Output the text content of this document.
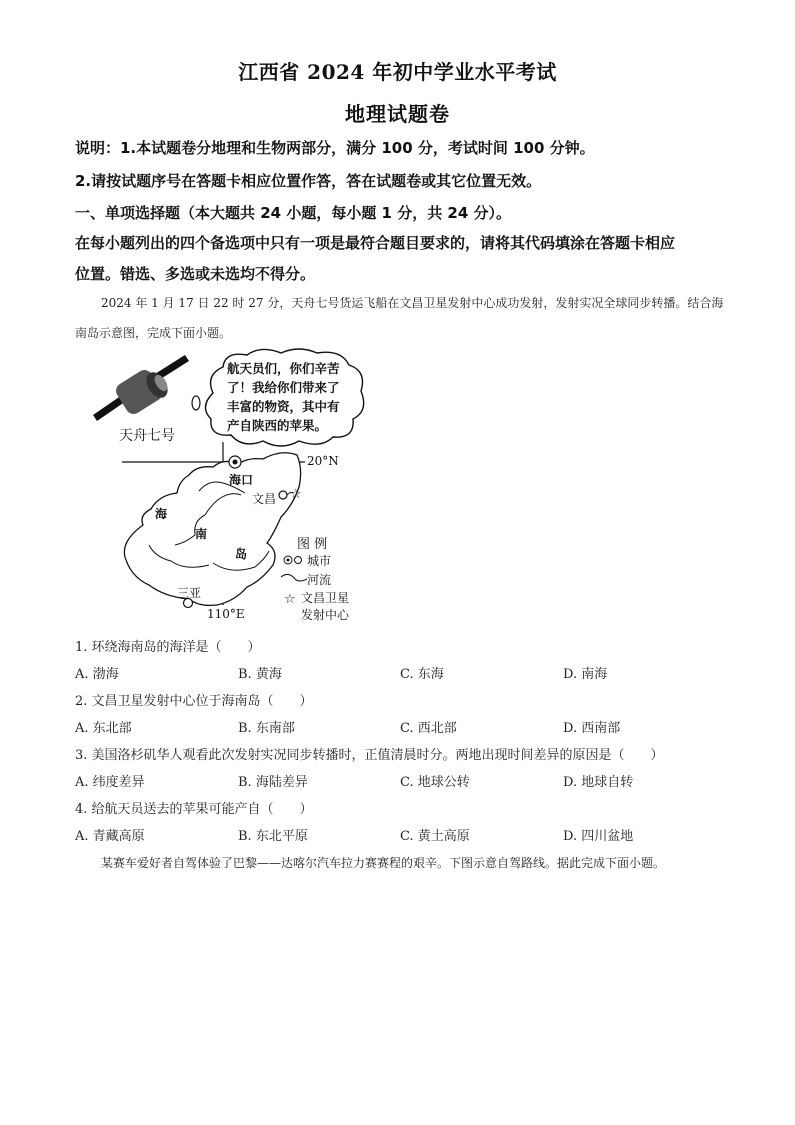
江西省 2024 年初中学业水平考试
地理试题卷
说明：1.本试题卷分地理和生物两部分，满分 100 分，考试时间 100 分钟。
2.请按试题序号在答题卡相应位置作答，答在试题卷或其它位置无效。
一、单项选择题（本大题共 24 小题，每小题 1 分，共 24 分）。
在每小题列出的四个备选项中只有一项是最符合题目要求的，请将其代码填涂在答题卡相应
位置。错选、多选或未选均不得分。
2024 年 1 月 17 日 22 时 27 分，天舟七号货运飞船在文昌卫星发射中心成功发射，发射实况全球同步转播。结合海南岛示意图，完成下面小题。
☆
☆
天舟七号
航天员们，你们辛苦
了！我给你们带来了
丰富的物资，其中有
产自陕西的苹果。
20°N
110°E
海口
文昌
三亚
海
南
岛
图 例
城市
河流
文昌卫星
发射中心
1. 环绕海南岛的海洋是（　　）
A. 渤海	B. 黄海	C. 东海	D. 南海
2. 文昌卫星发射中心位于海南岛（　　）
A. 东北部	B. 东南部	C. 西北部	D. 西南部
3. 美国洛杉矶华人观看此次发射实况同步转播时，正值清晨时分。两地出现时间差异的原因是（　　）
A. 纬度差异	B. 海陆差异	C. 地球公转	D. 地球自转
4. 给航天员送去的苹果可能产自（　　）
A. 青藏高原	B. 东北平原	C. 黄土高原	D. 四川盆地
某赛车爱好者自驾体验了巴黎——达喀尔汽车拉力赛赛程的艰辛。下图示意自驾路线。据此完成下面小题。
